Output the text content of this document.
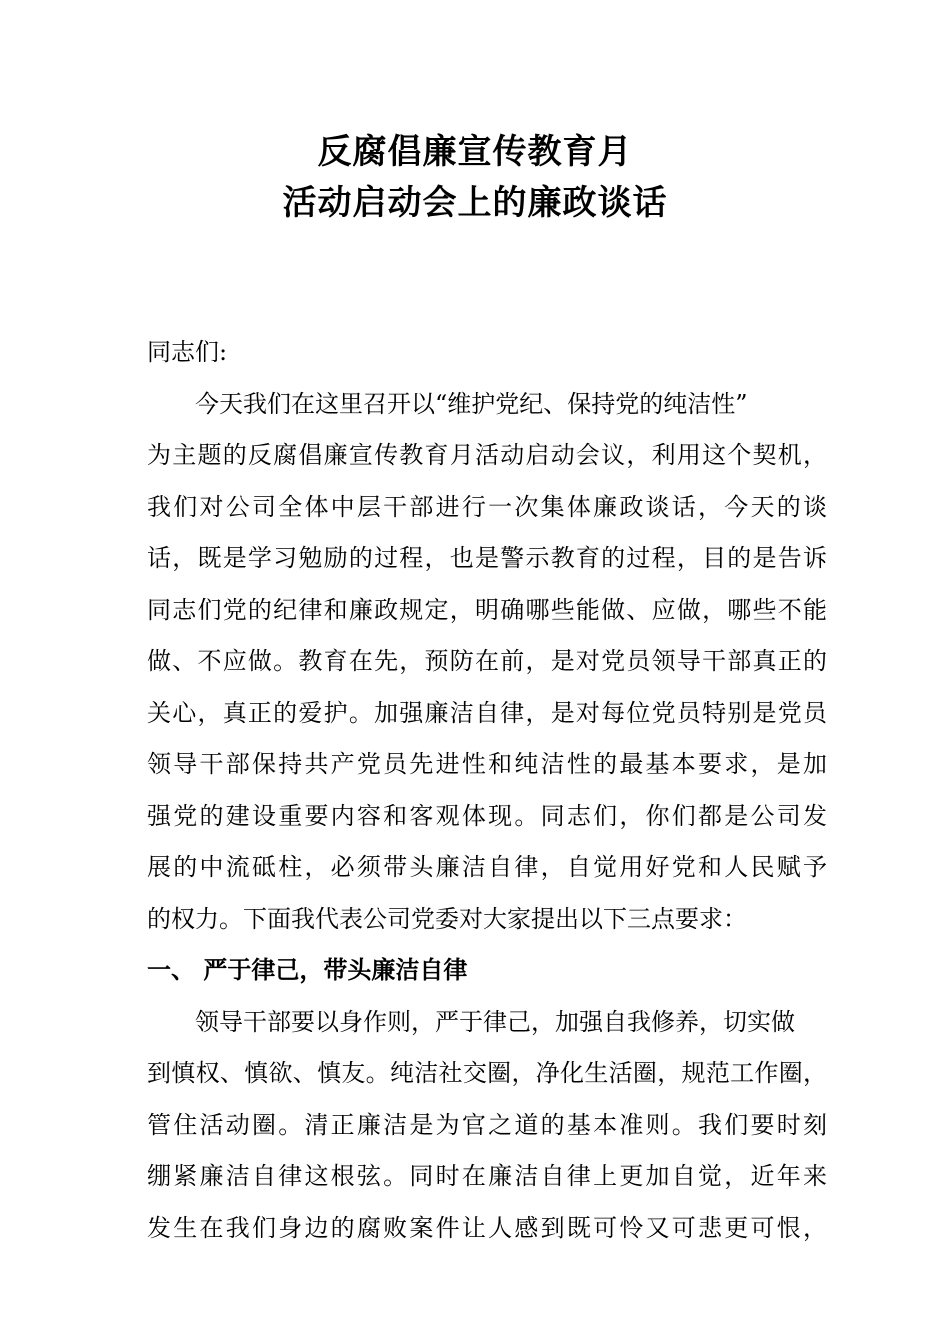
反腐倡廉宣传教育月
活动启动会上的廉政谈话
同志们:
　　今天我们在这里召开以“维护党纪、保持党的纯洁性”
为主题的反腐倡廉宣传教育月活动启动会议，利用这个契机，
我们对公司全体中层干部进行一次集体廉政谈话，今天的谈
话，既是学习勉励的过程，也是警示教育的过程，目的是告诉
同志们党的纪律和廉政规定，明确哪些能做、应做，哪些不能
做、不应做。教育在先，预防在前，是对党员领导干部真正的
关心，真正的爱护。加强廉洁自律，是对每位党员特别是党员
领导干部保持共产党员先进性和纯洁性的最基本要求，是加
强党的建设重要内容和客观体现。同志们，你们都是公司发
展的中流砥柱，必须带头廉洁自律，自觉用好党和人民赋予
的权力。下面我代表公司党委对大家提出以下三点要求：
一、 严于律己，带头廉洁自律
　　领导干部要以身作则，严于律己，加强自我修养，切实做
到慎权、慎欲、慎友。纯洁社交圈，净化生活圈，规范工作圈，
管住活动圈。清正廉洁是为官之道的基本准则。我们要时刻
绷紧廉洁自律这根弦。同时在廉洁自律上更加自觉，近年来
发生在我们身边的腐败案件让人感到既可怜又可悲更可恨，
